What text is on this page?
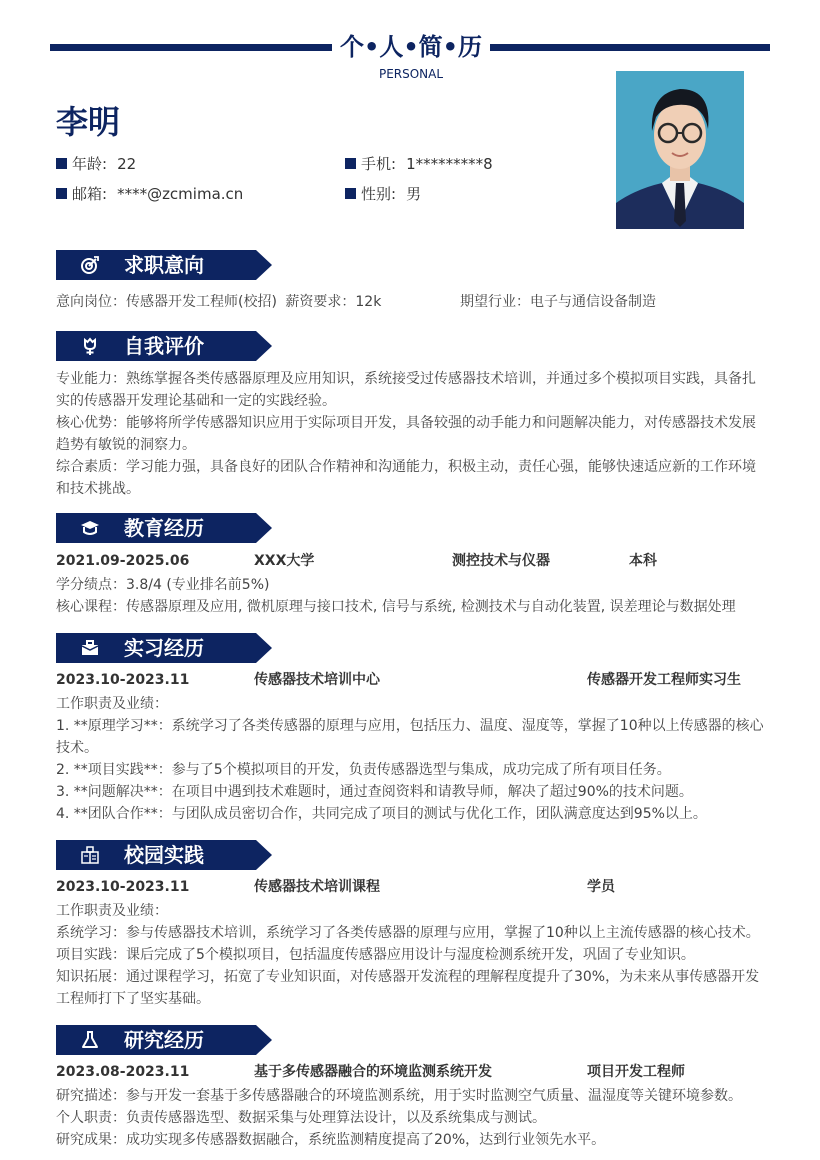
个•人•简•历
PERSONAL
李明
年龄: 22	手机: 1*********8
邮箱: ****@zcmima.cn	性别: 男
求职意向
意向岗位：传感器开发工程师(校招) 薪资要求：12k	期望行业：电子与通信设备制造
自我评价
专业能力：熟练掌握各类传感器原理及应用知识，系统接受过传感器技术培训，并通过多个模拟项目实践，具备扎
实的传感器开发理论基础和一定的实践经验。
核心优势：能够将所学传感器知识应用于实际项目开发，具备较强的动手能力和问题解决能力，对传感器技术发展
趋势有敏锐的洞察力。
综合素质：学习能力强，具备良好的团队合作精神和沟通能力，积极主动，责任心强，能够快速适应新的工作环境
和技术挑战。
教育经历
2021.09-2025.06	XXX大学	测控技术与仪器	本科
学分绩点：3.8/4 (专业排名前5%)
核心课程：传感器原理及应用, 微机原理与接口技术, 信号与系统, 检测技术与自动化装置, 误差理论与数据处理
实习经历
2023.10-2023.11	传感器技术培训中心	传感器开发工程师实习生
工作职责及业绩：
1. **原理学习**：系统学习了各类传感器的原理与应用，包括压力、温度、湿度等，掌握了10种以上传感器的核心
技术。
2. **项目实践**：参与了5个模拟项目的开发，负责传感器选型与集成，成功完成了所有项目任务。
3. **问题解决**：在项目中遇到技术难题时，通过查阅资料和请教导师，解决了超过90%的技术问题。
4. **团队合作**：与团队成员密切合作，共同完成了项目的测试与优化工作，团队满意度达到95%以上。
校园实践
2023.10-2023.11	传感器技术培训课程	学员
工作职责及业绩：
系统学习：参与传感器技术培训，系统学习了各类传感器的原理与应用，掌握了10种以上主流传感器的核心技术。
项目实践：课后完成了5个模拟项目，包括温度传感器应用设计与湿度检测系统开发，巩固了专业知识。
知识拓展：通过课程学习，拓宽了专业知识面，对传感器开发流程的理解程度提升了30%，为未来从事传感器开发
工程师打下了坚实基础。
研究经历
2023.08-2023.11	基于多传感器融合的环境监测系统开发	项目开发工程师
研究描述：参与开发一套基于多传感器融合的环境监测系统，用于实时监测空气质量、温湿度等关键环境参数。
个人职责：负责传感器选型、数据采集与处理算法设计，以及系统集成与测试。
研究成果：成功实现多传感器数据融合，系统监测精度提高了20%，达到行业领先水平。
